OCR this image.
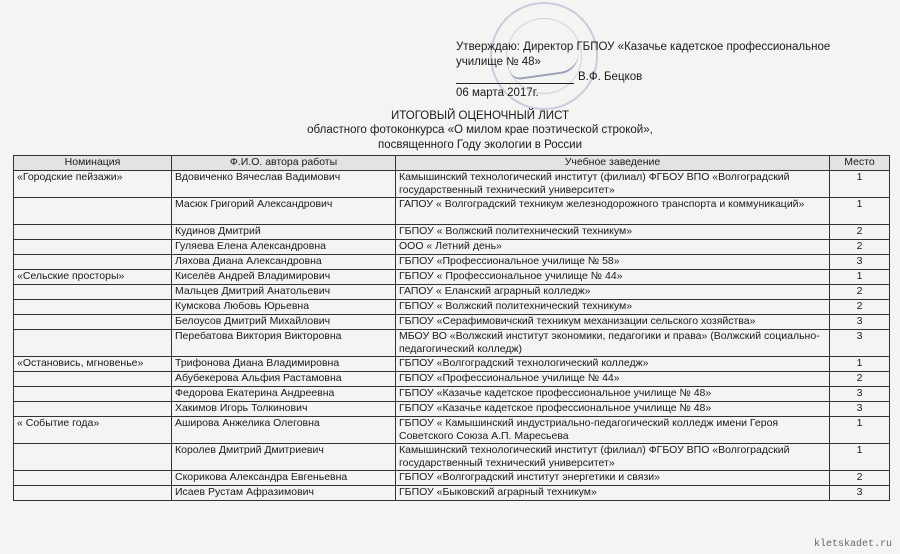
Утверждаю: Директор ГБПОУ «Казачье кадетское профессиональное
училище № 48»
В.Ф. Бецков
06 марта 2017г.
ИТОГОВЫЙ ОЦЕНОЧНЫЙ ЛИСТ
областного фотоконкурса «О милом крае поэтической строкой»,
посвященного Году экологии в России
Номинация	Ф.И.О. автора работы	Учебное заведение	Место
«Городские пейзажи»	Вдовиченко Вячеслав Вадимович	Камышинский технологический институт (филиал) ФГБОУ ВПО «Волгоградский государственный технический университет»	1
	Масюк Григорий Александрович	ГАПОУ « Волгоградский техникум железнодорожного транспорта и коммуникаций»	1
	Кудинов Дмитрий	ГБПОУ « Волжский политехнический техникум»	2
	Гуляева Елена Александровна	ООО « Летний день»	2
	Ляхова Диана Александровна	ГБПОУ «Профессиональное училище № 58»	3
«Сельские просторы»	Киселёв Андрей Владимирович	ГБПОУ « Профессиональное училище № 44»	1
	Мальцев Дмитрий Анатольевич	ГАПОУ « Еланский аграрный колледж»	2
	Кумскова Любовь Юрьевна	ГБПОУ « Волжский политехнический техникум»	2
	Белоусов Дмитрий Михайлович	ГБПОУ «Серафимовичский техникум механизации сельского хозяйства»	3
	Перебатова Виктория Викторовна	МБОУ ВО «Волжский институт экономики, педагогики и права» (Волжский социально-педагогический колледж)	3
«Остановись, мгновенье»	Трифонова Диана Владимировна	ГБПОУ «Волгоградский технологический колледж»	1
	Абубекерова Альфия Растамовна	ГБПОУ «Профессиональное училище № 44»	2
	Федорова Екатерина Андреевна	ГБПОУ «Казачье кадетское профессиональное училище № 48»	3
	Хакимов Игорь Толкинович	ГБПОУ «Казачье кадетское профессиональное училище № 48»	3
« Событие года»	Аширова Анжелика Олеговна	ГБПОУ « Камышинский индустриально-педагогический колледж имени Героя Советского Союза А.П. Маресьева	1
	Королев Дмитрий Дмитриевич	Камышинский технологический институт (филиал) ФГБОУ ВПО «Волгоградский государственный технический университет»	1
	Скорикова Александра Евгеньевна	ГБПОУ «Волгоградский институт энергетики и связи»	2
	Исаев Рустам Афразимович	ГБПОУ «Быковский аграрный техникум»	3
kletskadet.ru
